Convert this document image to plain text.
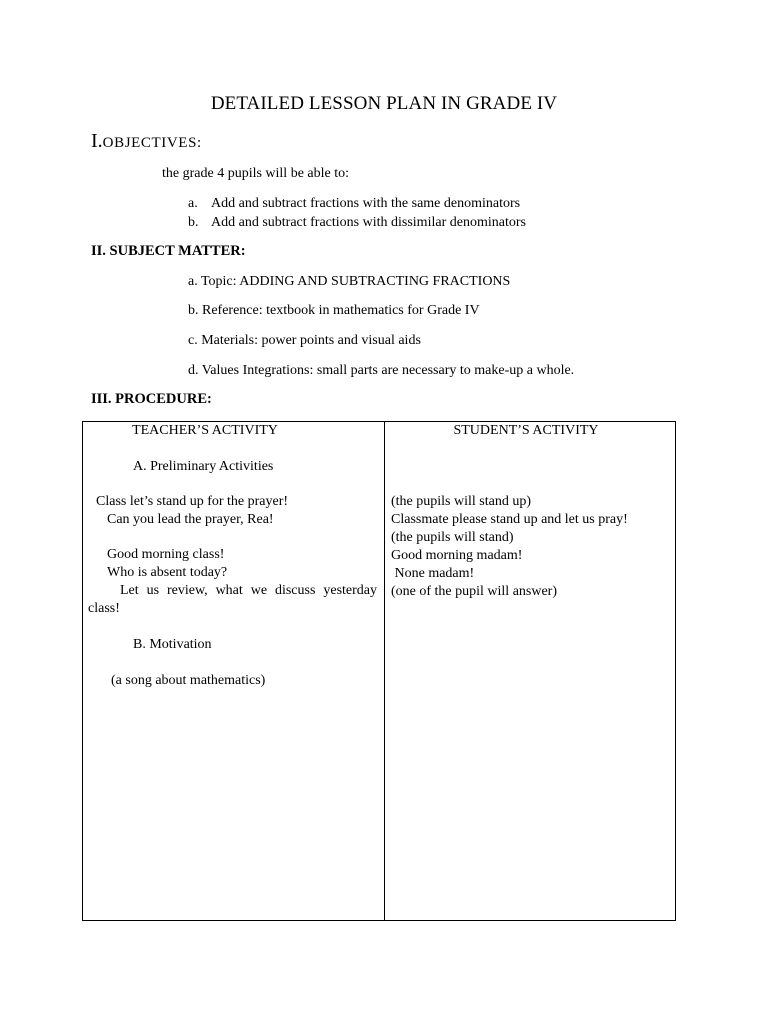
DETAILED LESSON PLAN IN GRADE IV
I.OBJECTIVES:
the grade 4 pupils will be able to:
a. Add and subtract fractions with the same denominators
b. Add and subtract fractions with dissimilar denominators
II. SUBJECT MATTER:
a. Topic: ADDING AND SUBTRACTING FRACTIONS
b. Reference: textbook in mathematics for Grade IV
c. Materials: power points and visual aids
d. Values Integrations: small parts are necessary to make-up a whole.
III. PROCEDURE:
TEACHER’S ACTIVITY	STUDENT’S ACTIVITY
A. Preliminary Activities
Class let’s stand up for the prayer!
Can you lead the prayer, Rea!
Good morning class!
Who is absent today?
Let us review, what we discuss yesterday
class!
B. Motivation
(a song about mathematics)
(the pupils will stand up)
Classmate please stand up and let us pray!
(the pupils will stand)
Good morning madam!
None madam!
(one of the pupil will answer)
